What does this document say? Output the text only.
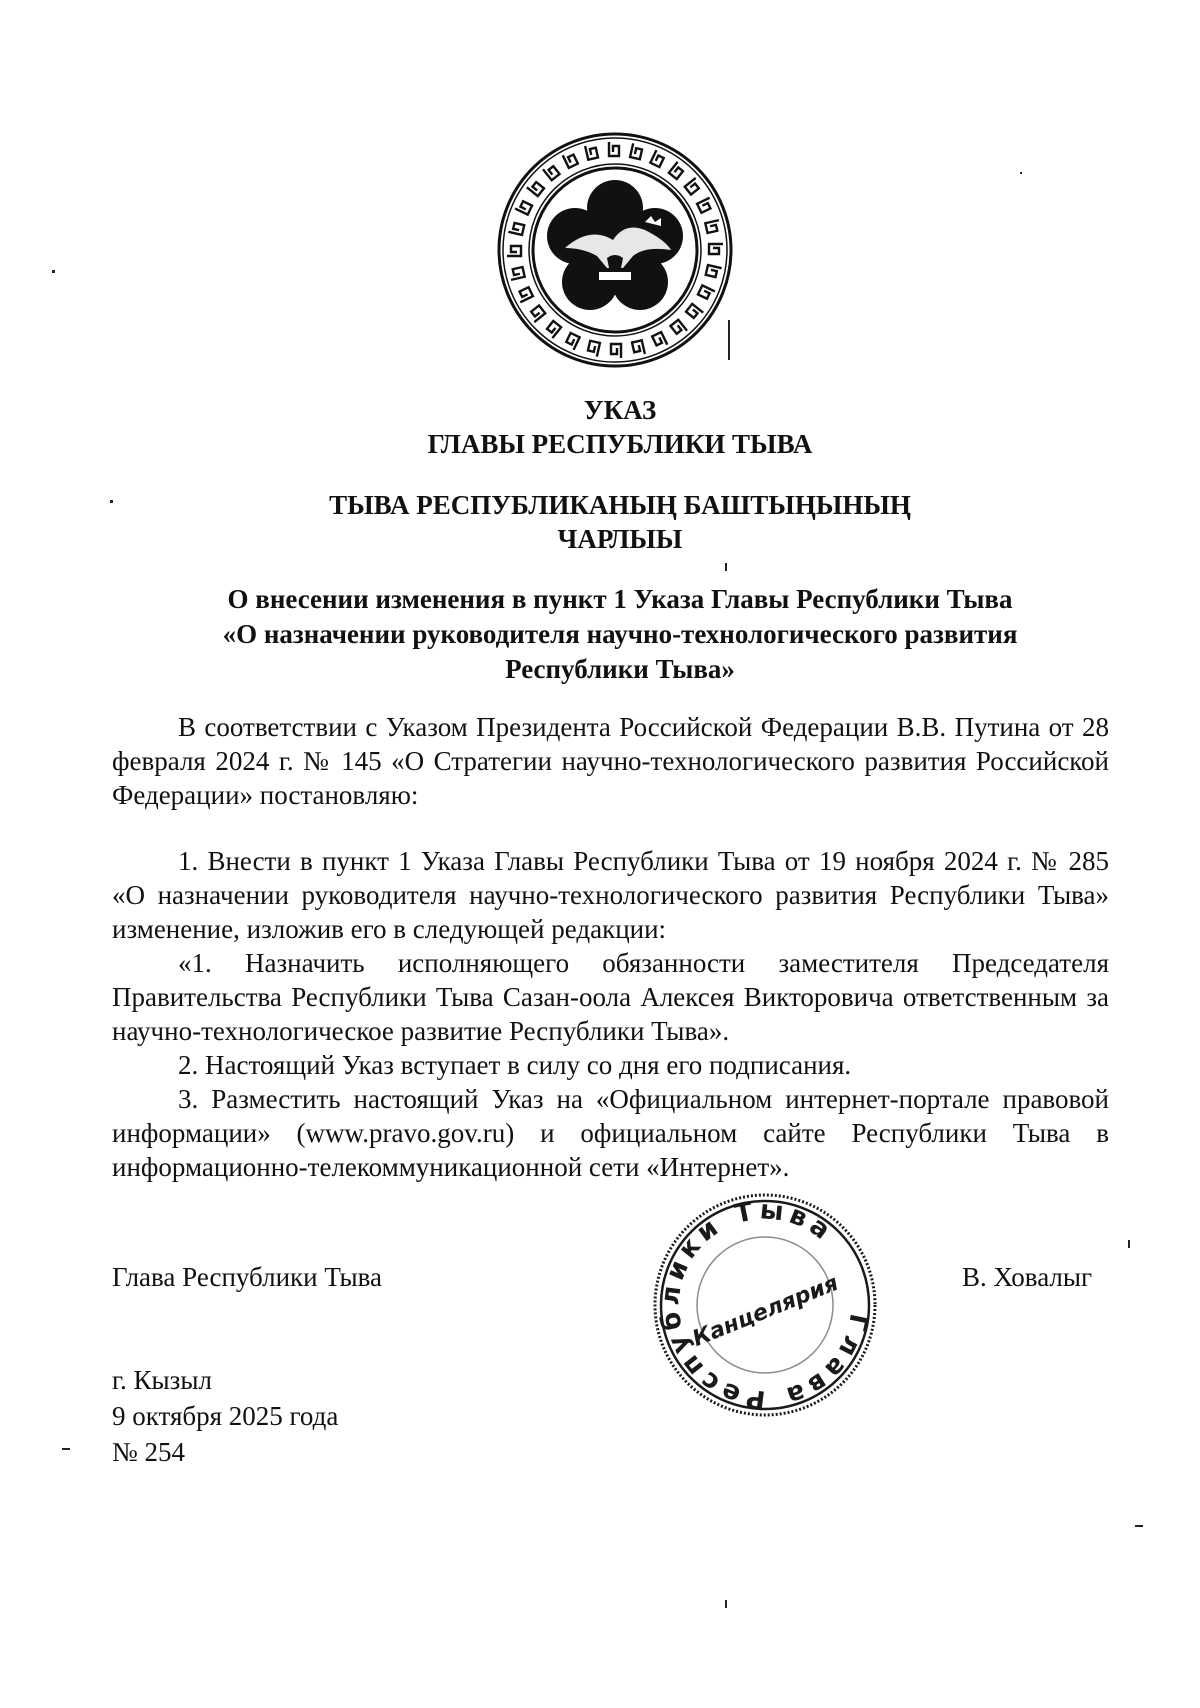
УКАЗ
ГЛАВЫ РЕСПУБЛИКИ ТЫВА
ТЫВА РЕСПУБЛИКАНЫҢ БАШТЫҢЫНЫҢ
ЧАРЛЫЫ
О внесении изменения в пункт 1 Указа Главы Республики Тыва
«О назначении руководителя научно-технологического развития
Республики Тыва»

В соответствии с Указом Президента Российской Федерации В.В. Путина от 28 февраля 2024 г. № 145 «О Стратегии научно-технологического развития Российской Федерации» постановляю:

1. Внести в пункт 1 Указа Главы Республики Тыва от 19 ноября 2024 г. № 285 «О назначении руководителя научно-технологического развития Республики Тыва» изменение, изложив его в следующей редакции:

«1. Назначить исполняющего обязанности заместителя Председателя Правительства Республики Тыва Сазан-оола Алексея Викторовича ответственным за научно-технологическое развитие Республики Тыва».

2. Настоящий Указ вступает в силу со дня его подписания.

3. Разместить настоящий Указ на «Официальном интернет-портале правовой информации» (www.pravo.gov.ru) и официальном сайте Республики Тыва в информационно-телекоммуникационной сети «Интернет».

Глава Республики Тыва	В. Ховалыг
Глава Республики Тыва
Канцелярия
г. Кызыл
9 октября 2025 года
№ 254
